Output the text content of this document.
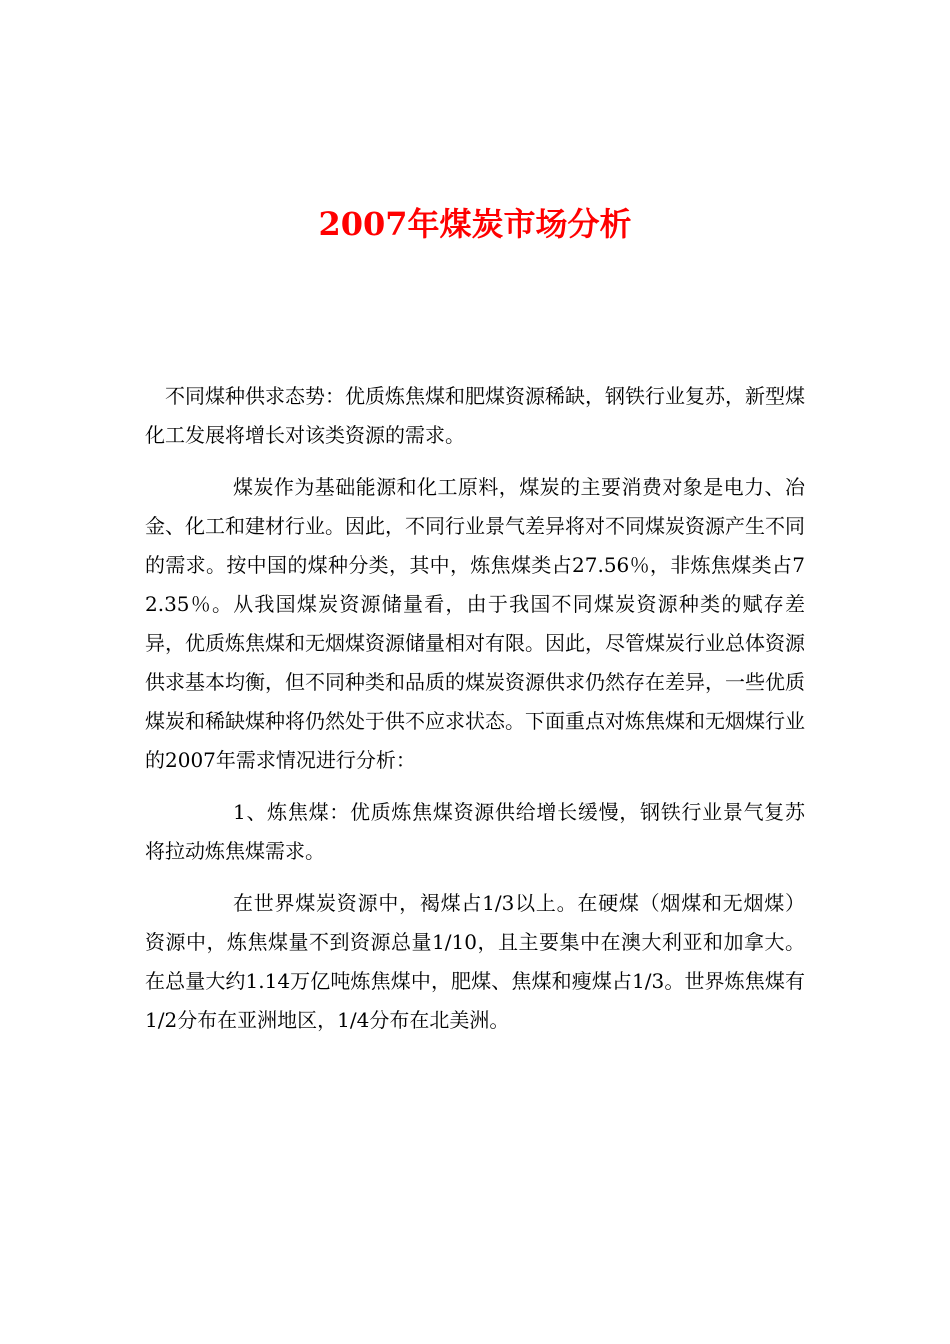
2007年煤炭市场分析

不同煤种供求态势：优质炼焦煤和肥煤资源稀缺，钢铁行业复苏，新型煤化工发展将增长对该类资源的需求。

煤炭作为基础能源和化工原料，煤炭的主要消费对象是电力、冶金、化工和建材行业。因此，不同行业景气差异将对不同煤炭资源产生不同的需求。按中国的煤种分类，其中，炼焦煤类占27.56％，非炼焦煤类占72.35％。从我国煤炭资源储量看，由于我国不同煤炭资源种类的赋存差异，优质炼焦煤和无烟煤资源储量相对有限。因此，尽管煤炭行业总体资源供求基本均衡，但不同种类和品质的煤炭资源供求仍然存在差异，一些优质煤炭和稀缺煤种将仍然处于供不应求状态。下面重点对炼焦煤和无烟煤行业的2007年需求情况进行分析：

1、炼焦煤：优质炼焦煤资源供给增长缓慢，钢铁行业景气复苏将拉动炼焦煤需求。

在世界煤炭资源中，褐煤占1/3以上。在硬煤（烟煤和无烟煤）资源中，炼焦煤量不到资源总量1/10，且主要集中在澳大利亚和加拿大。在总量大约1.14万亿吨炼焦煤中，肥煤、焦煤和瘦煤占1/3。世界炼焦煤有1/2分布在亚洲地区，1/4分布在北美洲。
